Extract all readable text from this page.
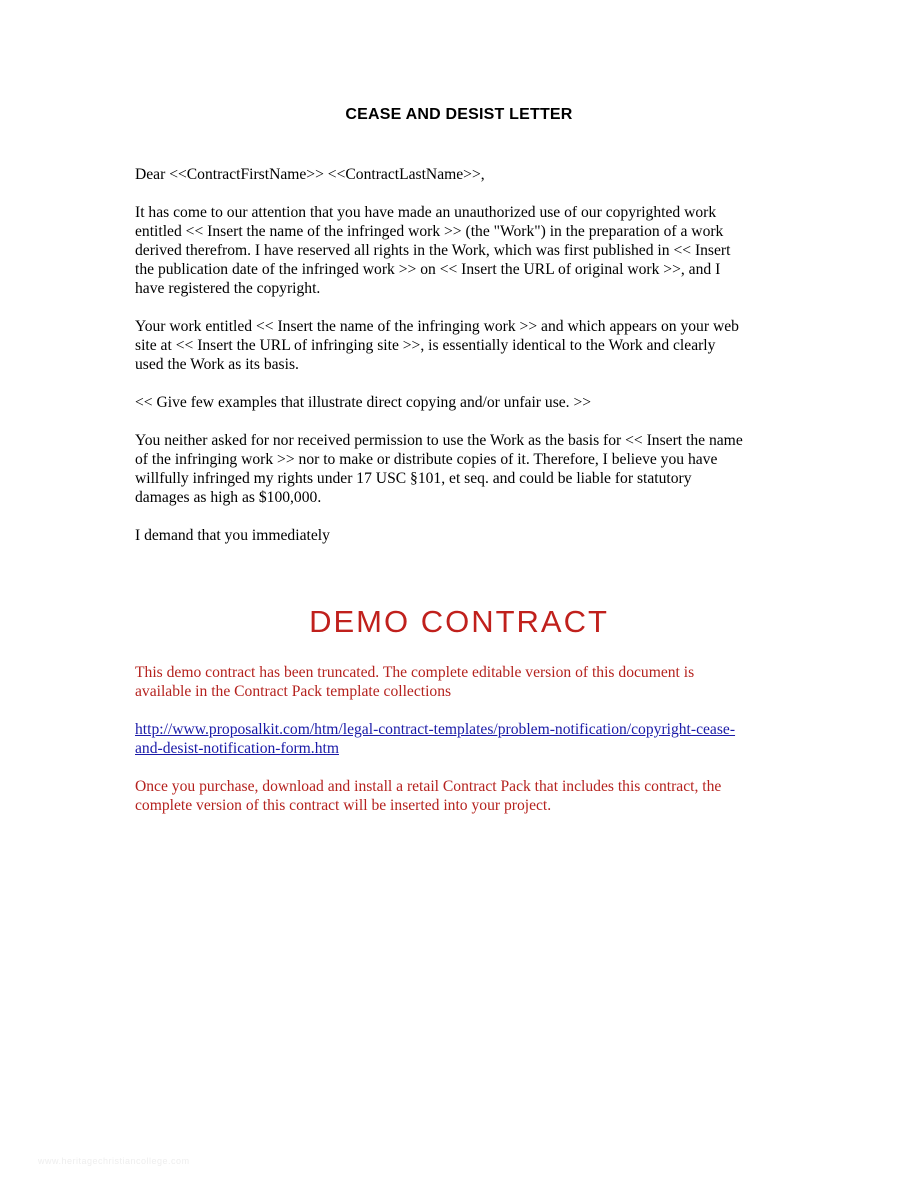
CEASE AND DESIST LETTER

Dear <<ContractFirstName>> <<ContractLastName>>,

It has come to our attention that you have made an unauthorized use of our copyrighted work
entitled << Insert the name of the infringed work >> (the "Work") in the preparation of a work
derived therefrom. I have reserved all rights in the Work, which was first published in << Insert
the publication date of the infringed work >> on << Insert the URL of original work >>, and I
have registered the copyright.

Your work entitled << Insert the name of the infringing work >> and which appears on your web
site at << Insert the URL of infringing site >>, is essentially identical to the Work and clearly
used the Work as its basis.

<< Give few examples that illustrate direct copying and/or unfair use. >>

You neither asked for nor received permission to use the Work as the basis for << Insert the name
of the infringing work >> nor to make or distribute copies of it. Therefore, I believe you have
willfully infringed my rights under 17 USC §101, et seq. and could be liable for statutory
damages as high as $100,000.

I demand that you immediately

DEMO CONTRACT

This demo contract has been truncated. The complete editable version of this document is
available in the Contract Pack template collections

http://www.proposalkit.com/htm/legal-contract-templates/problem-notification/copyright-cease-
and-desist-notification-form.htm

Once you purchase, download and install a retail Contract Pack that includes this contract, the
complete version of this contract will be inserted into your project.

www.heritagechristiancollege.com
